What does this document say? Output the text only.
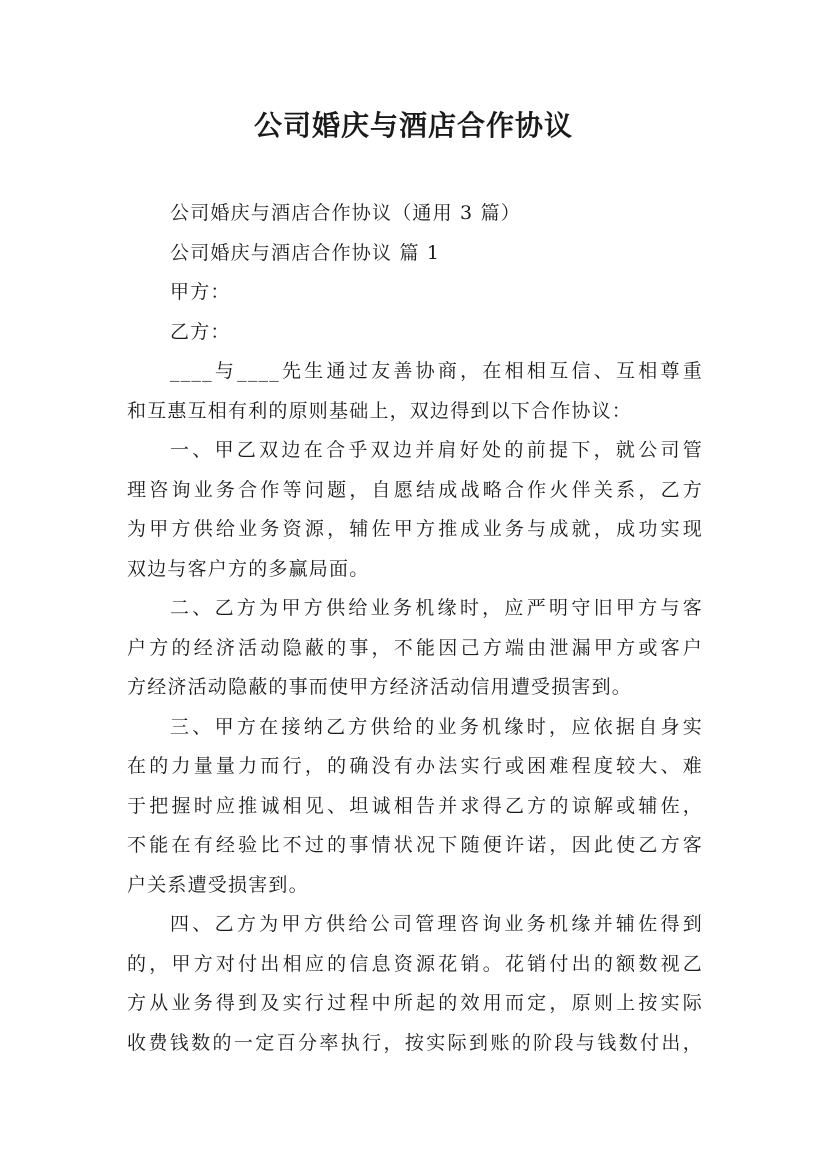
公司婚庆与酒店合作协议
公司婚庆与酒店合作协议（通用 3 篇）
公司婚庆与酒店合作协议 篇 1
甲方：
乙方：
____与____先生通过友善协商，在相相互信、互相尊重
和互惠互相有利的原则基础上，双边得到以下合作协议：
一、甲乙双边在合乎双边并肩好处的前提下，就公司管
理咨询业务合作等问题，自愿结成战略合作火伴关系，乙方
为甲方供给业务资源，辅佐甲方推成业务与成就，成功实现
双边与客户方的多赢局面。
二、乙方为甲方供给业务机缘时，应严明守旧甲方与客
户方的经济活动隐蔽的事，不能因己方端由泄漏甲方或客户
方经济活动隐蔽的事而使甲方经济活动信用遭受损害到。
三、甲方在接纳乙方供给的业务机缘时，应依据自身实
在的力量量力而行，的确没有办法实行或困难程度较大、难
于把握时应推诚相见、坦诚相告并求得乙方的谅解或辅佐，
不能在有经验比不过的事情状况下随便许诺，因此使乙方客
户关系遭受损害到。
四、乙方为甲方供给公司管理咨询业务机缘并辅佐得到
的，甲方对付出相应的信息资源花销。花销付出的额数视乙
方从业务得到及实行过程中所起的效用而定，原则上按实际
收费钱数的一定百分率执行，按实际到账的阶段与钱数付出，
